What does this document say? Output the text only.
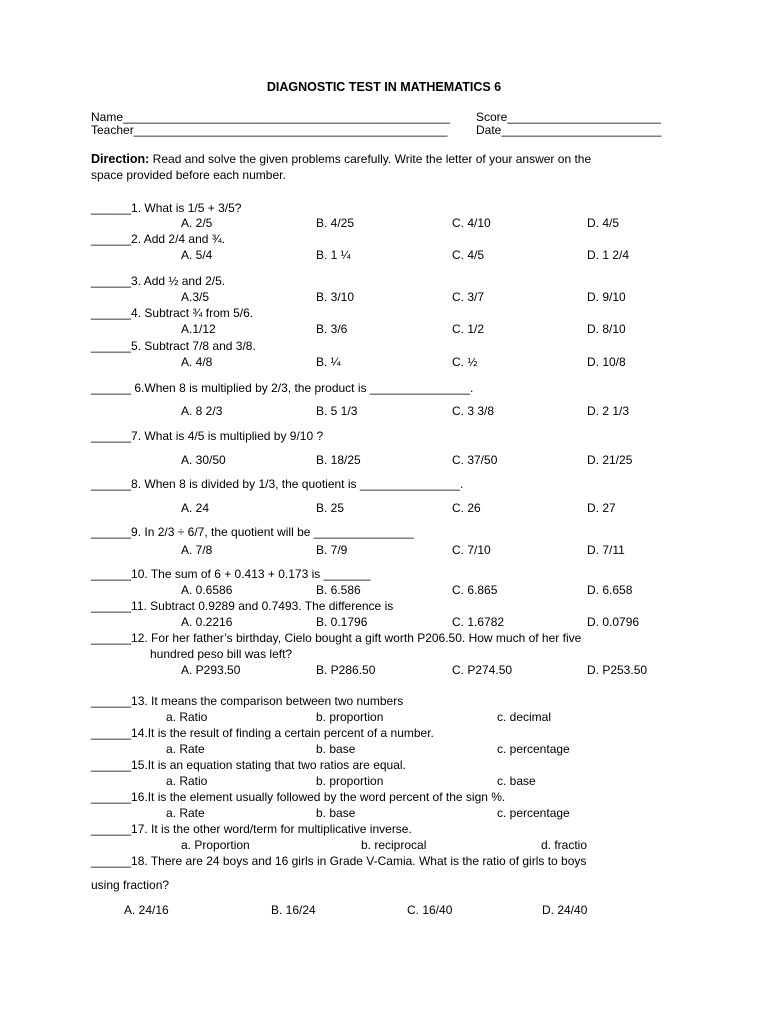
DIAGNOSTIC TEST IN MATHEMATICS 6
Name_________________________________________________ Score_______________________
Teacher_______________________________________________ Date________________________
Direction: Read and solve the given problems carefully. Write the letter of your answer on the
space provided before each number.
______1. What is 1/5 + 3/5?
A. 2/5	B. 4/25	C. 4/10	D. 4/5
______2. Add 2/4 and ¾.
A. 5/4	B. 1 ¼	C. 4/5	D. 1 2/4
______3. Add ½ and 2/5.
A.3/5	B. 3/10	C. 3/7	D. 9/10
______4. Subtract ¾ from 5/6.
A.1/12	B. 3/6	C. 1/2	D. 8/10
______5. Subtract 7/8 and 3/8.
A. 4/8	B. ¼	C. ½	D. 10/8
______ 6.When 8 is multiplied by 2/3, the product is _______________.
A. 8 2/3	B. 5 1/3	C. 3 3/8	D. 2 1/3
______7. What is 4/5 is multiplied by 9/10 ?
A. 30/50	B. 18/25	C. 37/50	D. 21/25
______8. When 8 is divided by 1/3, the quotient is _______________.
A. 24	B. 25	C. 26	D. 27
______9. In 2/3 ÷ 6/7, the quotient will be _______________
A. 7/8	B. 7/9	C. 7/10	D. 7/11
______10. The sum of 6 + 0.413 + 0.173 is _______
A. 0.6586	B. 6.586	C. 6.865	D. 6.658
______11. Subtract 0.9289 and 0.7493. The difference is
A. 0.2216	B. 0.1796	C. 1.6782	D. 0.0796
______12. For her father’s birthday, Cielo bought a gift worth P206.50. How much of her five
hundred peso bill was left?
A. P293.50	B. P286.50	C. P274.50	D. P253.50
______13. It means the comparison between two numbers
a. Ratio	b. proportion	c. decimal
______14.It is the result of finding a certain percent of a number.
a. Rate	b. base	c. percentage
______15.It is an equation stating that two ratios are equal.
a. Ratio	b. proportion	c. base
______16.It is the element usually followed by the word percent of the sign %.
a. Rate	b. base	c. percentage
______17. It is the other word/term for multiplicative inverse.
a. Proportion	b. reciprocal	d. fractio
______18. There are 24 boys and 16 girls in Grade V-Camia. What is the ratio of girls to boys
using fraction?
A. 24/16	B. 16/24	C. 16/40	D. 24/40
